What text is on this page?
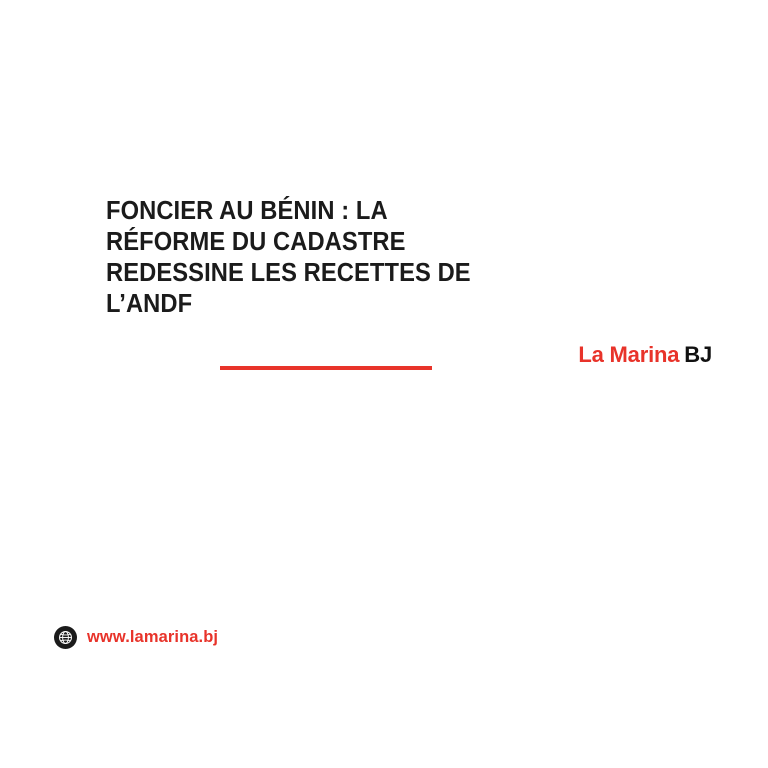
FONCIER AU BÉNIN : LA RÉFORME DU CADASTRE REDESSINE LES RECETTES DE L’ANDF
La Marina BJ
www.lamarina.bj
